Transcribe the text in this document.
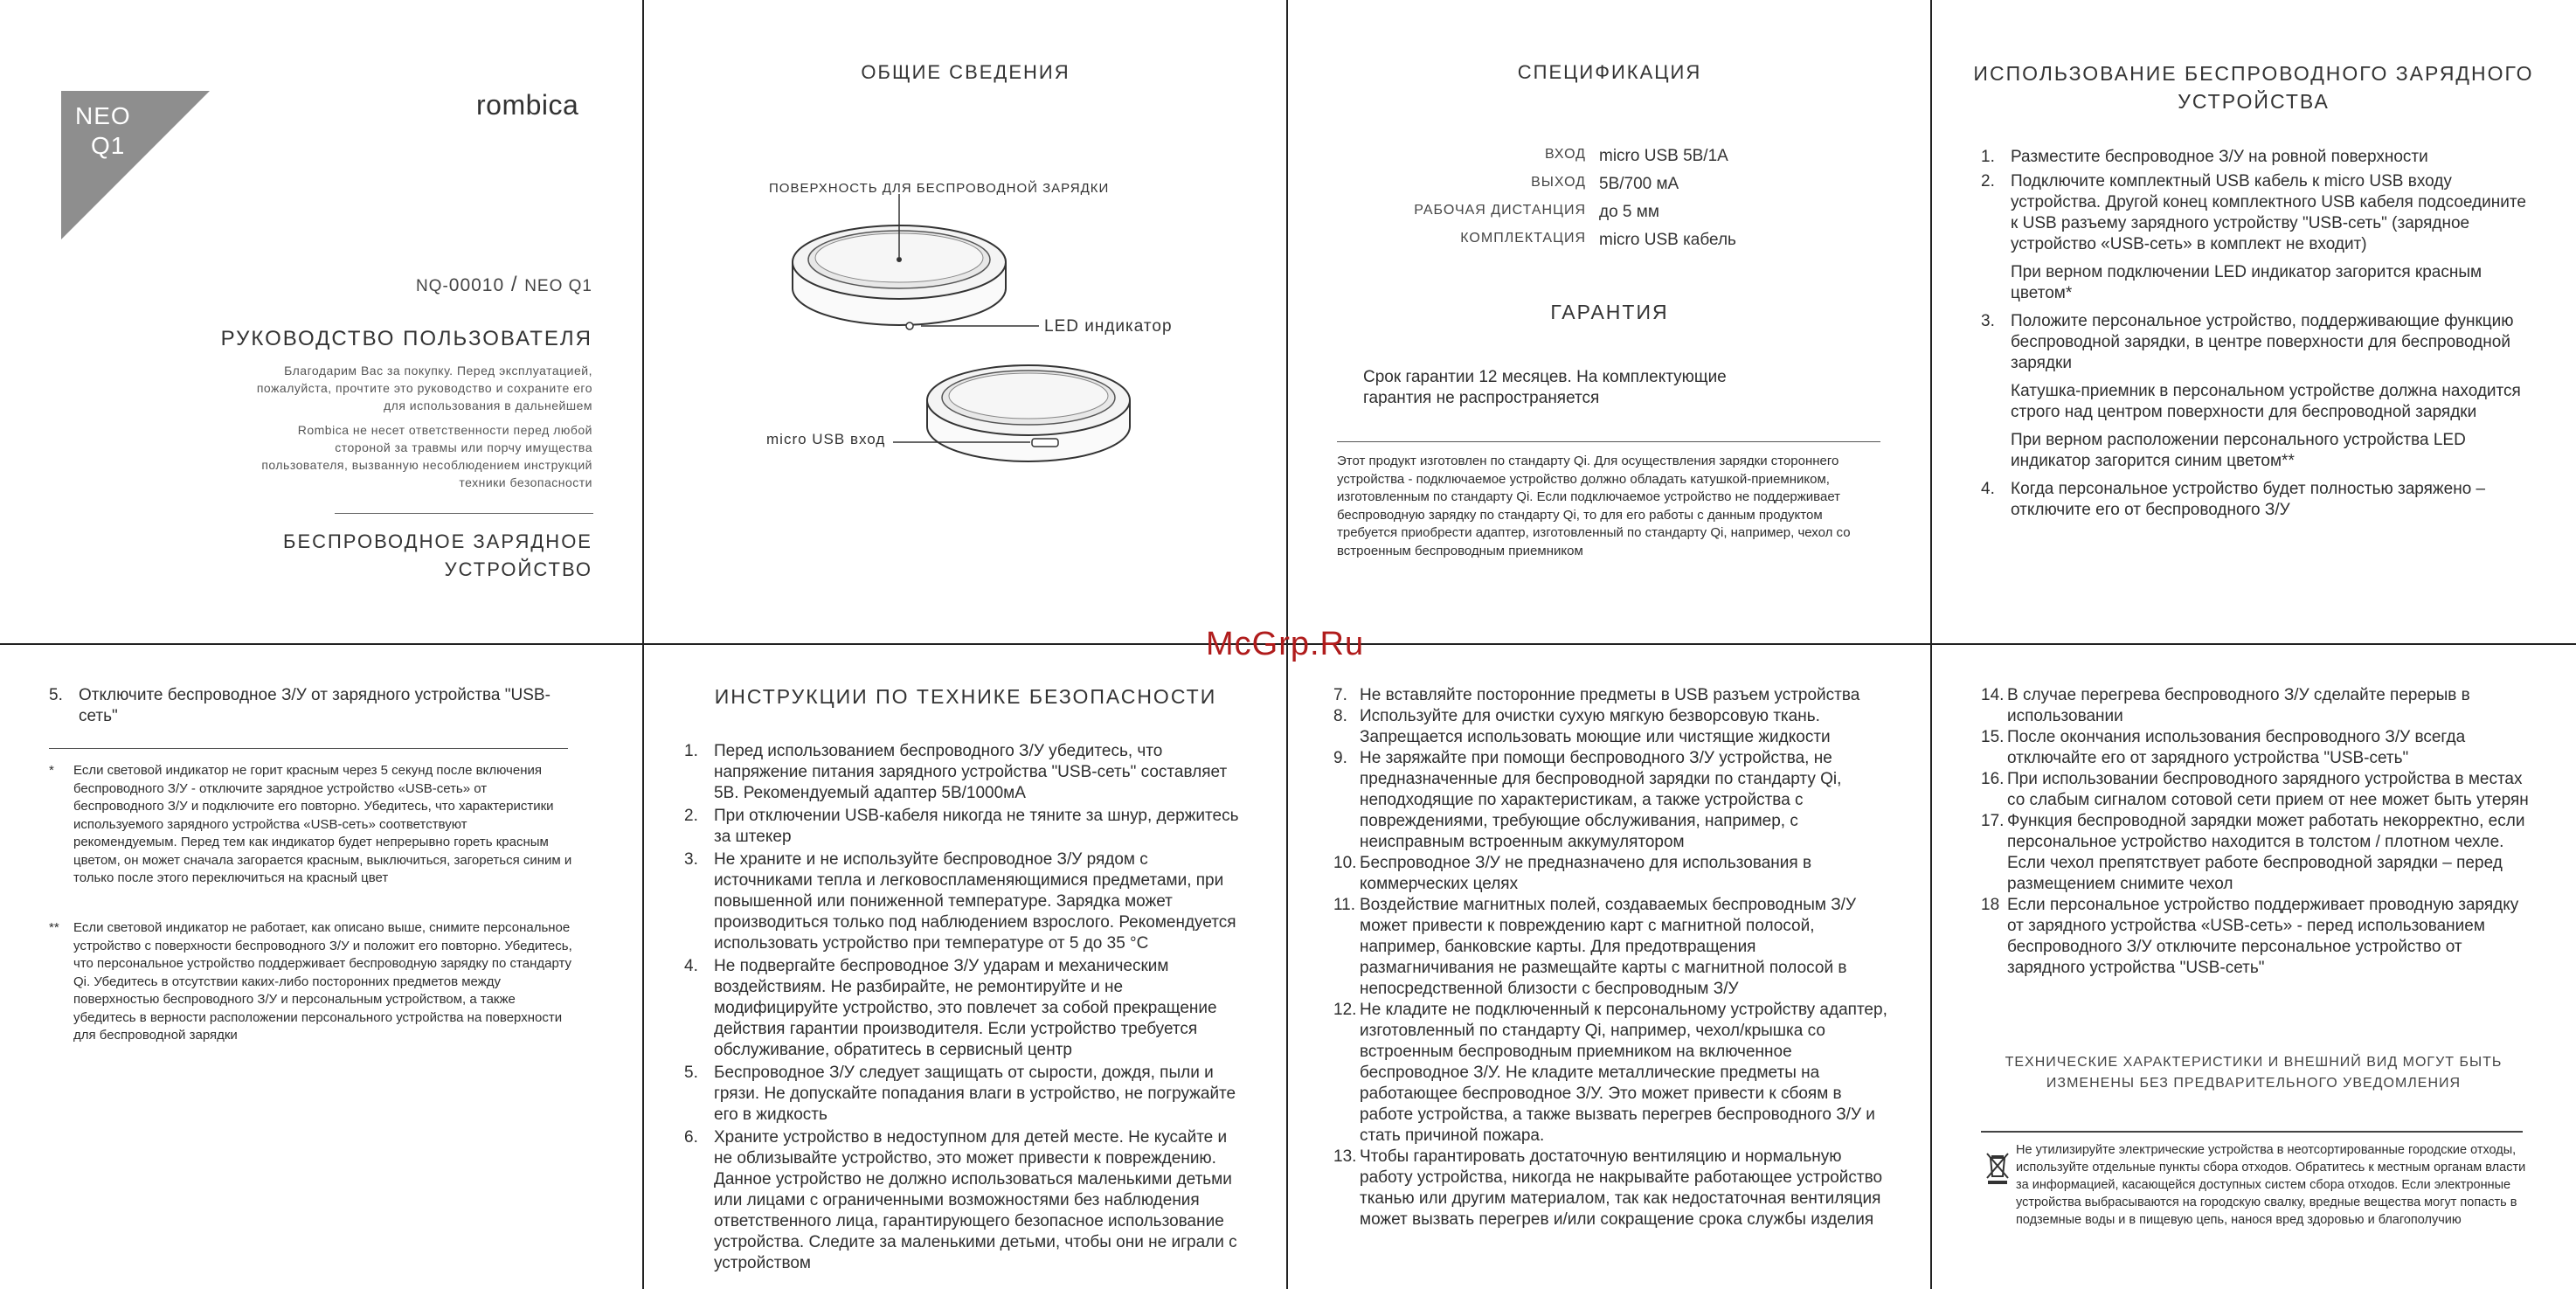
NEO
Q1
rombica
NQ-00010 / NEO Q1
РУКОВОДСТВО ПОЛЬЗОВАТЕЛЯ

Благодарим Вас за покупку. Перед эксплуатацией, пожалуйста, прочтите это руководство и сохраните его для использования в дальнейшем

Rombica не несет ответственности перед любой стороной за травмы или порчу имущества пользователя, вызванную несоблюдением инструкций техники безопасности

БЕСПРОВОДНОЕ ЗАРЯДНОЕ
УСТРОЙСТВО
ОБЩИЕ СВЕДЕНИЯ
ПОВЕРХНОСТЬ ДЛЯ БЕСПРОВОДНОЙ ЗАРЯДКИ
LED индикатор
micro USB вход
СПЕЦИФИКАЦИЯ
ВХОД micro USB 5B/1A
ВЫХОД 5В/700 мА
РАБОЧАЯ ДИСТАНЦИЯ до 5 мм
КОМПЛЕКТАЦИЯ micro USB кабель
ГАРАНТИЯ
Срок гарантии 12 месяцев. На комплектующие гарантия не распространяется
Этот продукт изготовлен по стандарту Qi. Для осуществления зарядки стороннего устройства - подключаемое устройство должно обладать катушкой-приемником, изготовленным по стандарту Qi. Если подключаемое устройство не поддерживает беспроводную зарядку по стандарту Qi, то для его работы с данным продуктом требуется приобрести адаптер, изготовленный по стандарту Qi, например, чехол со встроенным беспроводным приемником
ИСПОЛЬЗОВАНИЕ БЕСПРОВОДНОГО ЗАРЯДНОГО
УСТРОЙСТВА
1. Разместите беспроводное З/У на ровной поверхности
2. Подключите комплектный USB кабель к micro USB входу устройства. Другой конец комплектного USB кабеля подсоедините к USB разъему зарядного устройству "USB-сеть" (зарядное устройство «USB-сеть» в комплект не входит)
При верном подключении LED индикатор загорится красным цветом*
3. Положите персональное устройство, поддерживающие функцию беспроводной зарядки, в центре поверхности для беспроводной зарядки
Катушка-приемник в персональном устройстве должна находится строго над центром поверхности для беспроводной зарядки
При верном расположении персонального устройства LED индикатор загорится синим цветом**
4. Когда персональное устройство будет полностью заряжено – отключите его от беспроводного З/У
5. Отключите беспроводное З/У от зарядного устройства "USB-сеть"
*	Если световой индикатор не горит красным через 5 секунд после включения беспроводного З/У - отключите зарядное устройство «USB-сеть» от беспроводного З/У и подключите его повторно. Убедитесь, что характеристики используемого зарядного устройства «USB-сеть» соответствуют рекомендуемым. Перед тем как индикатор будет непрерывно гореть красным цветом, он может сначала загорается красным, выключиться, загореться синим и только после этого переключиться на красный цвет
**	Если световой индикатор не работает, как описано выше, снимите персональное устройство с поверхности беспроводного З/У и положит его повторно. Убедитесь, что персональное устройство поддерживает беспроводную зарядку по стандарту Qi. Убедитесь в отсутствии каких-либо посторонних предметов между поверхностью беспроводного З/У и персональным устройством, а также убедитесь в верности расположении персонального устройства на поверхности для беспроводной зарядки
ИНСТРУКЦИИ ПО ТЕХНИКЕ БЕЗОПАСНОСТИ
1. Перед использованием беспроводного З/У убедитесь, что напряжение питания зарядного устройства "USB-сеть" составляет 5В. Рекомендуемый адаптер 5В/1000мА
2. При отключении USB-кабеля никогда не тяните за шнур, держитесь за штекер
3. Не храните и не используйте беспроводное З/У рядом с источниками тепла и легковоспламеняющимися предметами, при повышенной или пониженной температуре. Зарядка может производиться только под наблюдением взрослого. Рекомендуется использовать устройство при температуре от 5 до 35 °С
4. Не подвергайте беспроводное З/У ударам и механическим воздействиям. Не разбирайте, не ремонтируйте и не модифицируйте устройство, это повлечет за собой прекращение действия гарантии производителя. Если устройство требуется обслуживание, обратитесь в сервисный центр
5. Беспроводное З/У следует защищать от сырости, дождя, пыли и грязи. Не допускайте попадания влаги в устройство, не погружайте его в жидкость
6. Храните устройство в недоступном для детей месте. Не кусайте и не облизывайте устройство, это может привести к повреждению. Данное устройство не должно использоваться маленькими детьми или лицами с ограниченными возможностями без наблюдения ответственного лица, гарантирующего безопасное использование устройства. Следите за маленькими детьми, чтобы они не играли с устройством
7. Не вставляйте посторонние предметы в USB разъем устройства
8. Используйте для очистки сухую мягкую безворсовую ткань. Запрещается использовать моющие или чистящие жидкости
9. Не заряжайте при помощи беспроводного З/У устройства, не предназначенные для беспроводной зарядки по стандарту Qi, неподходящие по характеристикам, а также устройства с повреждениями, требующие обслуживания, например, с неисправным встроенным аккумулятором
10. Беспроводное З/У не предназначено для использования в коммерческих целях
11. Воздействие магнитных полей, создаваемых беспроводным З/У может привести к повреждению карт с магнитной полосой, например, банковские карты. Для предотвращения размагничивания не размещайте карты с магнитной полосой в непосредственной близости с беспроводным З/У
12. Не кладите не подключенный к персональному устройству адаптер, изготовленный по стандарту Qi, например, чехол/крышка со встроенным беспроводным приемником на включенное беспроводное З/У. Не кладите металлические предметы на работающее беспроводное З/У. Это может привести к сбоям в работе устройства, а также вызвать перегрев беспроводного З/У и стать причиной пожара.
13. Чтобы гарантировать достаточную вентиляцию и нормальную работу устройства, никогда не накрывайте работающее устройство тканью или другим материалом, так как недостаточная вентиляция может вызвать перегрев и/или сокращение срока службы изделия
14. В случае перегрева беспроводного З/У сделайте перерыв в использовании
15. После окончания использования беспроводного З/У всегда отключайте его от зарядного устройства "USB-сеть"
16. При использовании беспроводного зарядного устройства в местах со слабым сигналом сотовой сети прием от нее может быть утерян
17. Функция беспроводной зарядки может работать некорректно, если персональное устройство находится в толстом / плотном чехле. Если чехол препятствует работе беспроводной зарядки – перед размещением снимите чехол
18 Если персональное устройство поддерживает проводную зарядку от зарядного устройства «USB-сеть» - перед использованием беспроводного З/У отключите персональное устройство от зарядного устройства "USB-сеть"
ТЕХНИЧЕСКИЕ ХАРАКТЕРИСТИКИ И ВНЕШНИЙ ВИД МОГУТ БЫТЬ
ИЗМЕНЕНЫ БЕЗ ПРЕДВАРИТЕЛЬНОГО УВЕДОМЛЕНИЯ
Не утилизируйте электрические устройства в неотсортированные городские отходы, используйте отдельные пункты сбора отходов. Обратитесь к местным органам власти за информацией, касающейся доступных систем сбора отходов. Если электронные устройства выбрасываются на городскую свалку, вредные вещества могут попасть в подземные воды и в пищевую цепь, нанося вред здоровью и благополучию
McGrp.Ru
